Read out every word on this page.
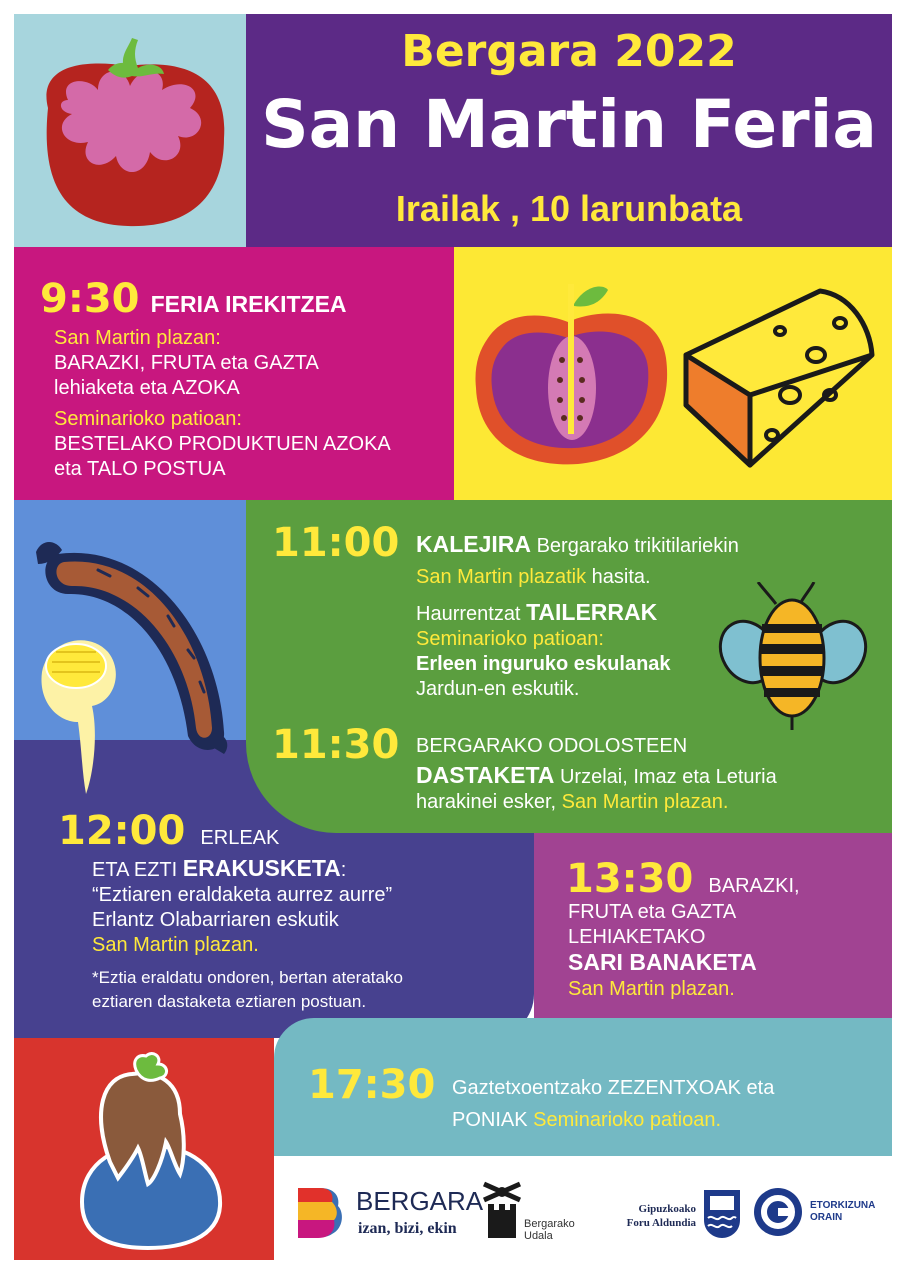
Bergara 2022
San Martin Feria
Irailak , 10 larunbata
9:30 FERIA IREKITZEA
San Martin plazan:
BARAZKI, FRUTA eta GAZTA
lehiaketa eta AZOKA
Seminarioko patioan:
BESTELAKO PRODUKTUEN AZOKA
eta TALO POSTUA
11:00 KALEJIRA Bergarako trikitilariekin
San Martin plazatik hasita.
Haurrentzat TAILERRAK
Seminarioko patioan:
Erleen inguruko eskulanak
Jardun-en eskutik.
11:30 BERGARAKO ODOLOSTEEN
DASTAKETA Urzelai, Imaz eta Leturia
harakinei esker, San Martin plazan.
12:00 ERLEAK
ETA EZTI ERAKUSKETA:
“Eztiaren eraldaketa aurrez aurre”
Erlantz Olabarriaren eskutik
San Martin plazan.
*Eztia eraldatu ondoren, bertan ateratako
eztiaren dastaketa eztiaren postuan.
13:30 BARAZKI,
FRUTA eta GAZTA
LEHIAKETAKO
SARI BANAKETA
San Martin plazan.
17:30 Gaztetxoentzako ZEZENTXOAK eta
PONIAK Seminarioko patioan.
BERGARA
izan, bizi, ekin	Bergarako
Udala
Gipuzkoako
Foru Aldundia
ETORKIZUNA
ORAIN
